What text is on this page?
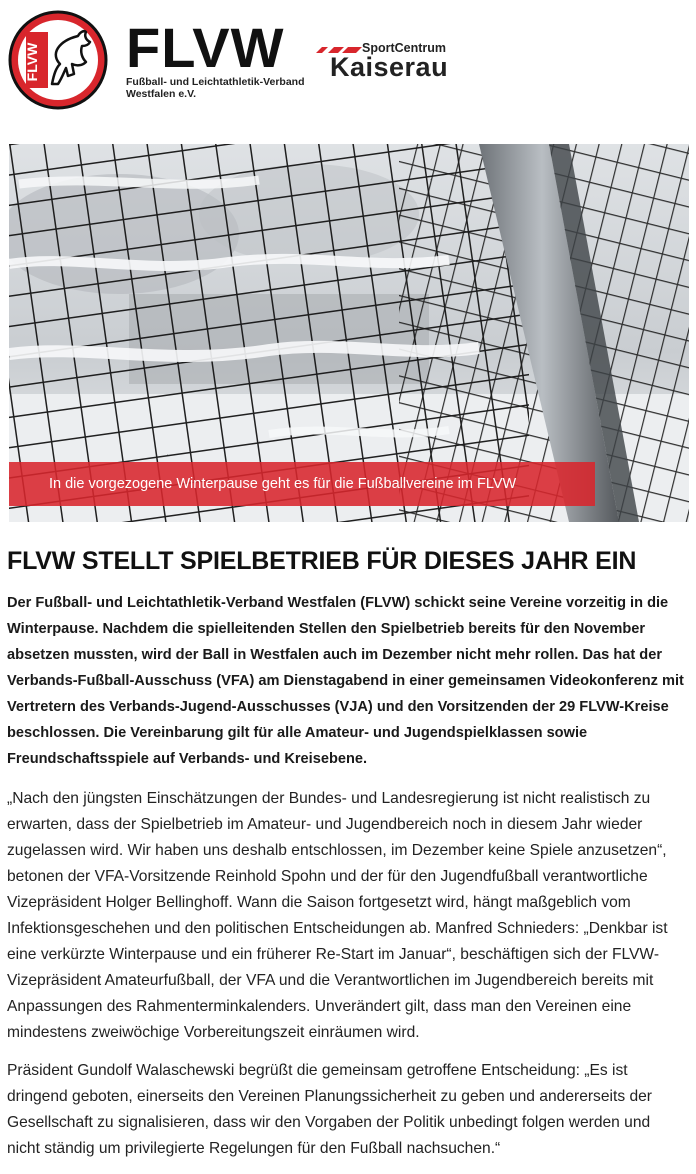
FLVW FLVW
Fußball- und Leichtathletik-Verband
Westfalen e.V.
SportCentrum
Kaiserau
In die vorgezogene Winterpause geht es für die Fußballvereine im FLVW
FLVW STELLT SPIELBETRIEB FÜR DIESES JAHR EIN

Der Fußball- und Leichtathletik-Verband Westfalen (FLVW) schickt seine Vereine vorzeitig in die Winterpause. Nachdem die spielleitenden Stellen den Spielbetrieb bereits für den November absetzen mussten, wird der Ball in Westfalen auch im Dezember nicht mehr rollen. Das hat der Verbands-Fußball-Ausschuss (VFA) am Dienstagabend in einer gemeinsamen Videokonferenz mit Vertretern des Verbands-Jugend-Ausschusses (VJA) und den Vorsitzenden der 29 FLVW-Kreise beschlossen. Die Vereinbarung gilt für alle Amateur- und Jugendspielklassen sowie Freundschaftsspiele auf Verbands- und Kreisebene.

„Nach den jüngsten Einschätzungen der Bundes- und Landesregierung ist nicht realistisch zu erwarten, dass der Spielbetrieb im Amateur- und Jugendbereich noch in diesem Jahr wieder zugelassen wird. Wir haben uns deshalb entschlossen, im Dezember keine Spiele anzusetzen“, betonen der VFA-Vorsitzende Reinhold Spohn und der für den Jugendfußball verantwortliche Vizepräsident Holger Bellinghoff. Wann die Saison fortgesetzt wird, hängt maßgeblich vom Infektionsgeschehen und den politischen Entscheidungen ab. Manfred Schnieders: „Denkbar ist eine verkürzte Winterpause und ein früherer Re-Start im Januar“, beschäftigen sich der FLVW-Vizepräsident Amateurfußball, der VFA und die Verantwortlichen im Jugendbereich bereits mit Anpassungen des Rahmenterminkalenders. Unverändert gilt, dass man den Vereinen eine mindestens zweiwöchige Vorbereitungszeit einräumen wird.

Präsident Gundolf Walaschewski begrüßt die gemeinsam getroffene Entscheidung: „Es ist dringend geboten, einerseits den Vereinen Planungssicherheit zu geben und andererseits der Gesellschaft zu signalisieren, dass wir den Vorgaben der Politik unbedingt folgen werden und nicht ständig um privilegierte Regelungen für den Fußball nachsuchen.“
